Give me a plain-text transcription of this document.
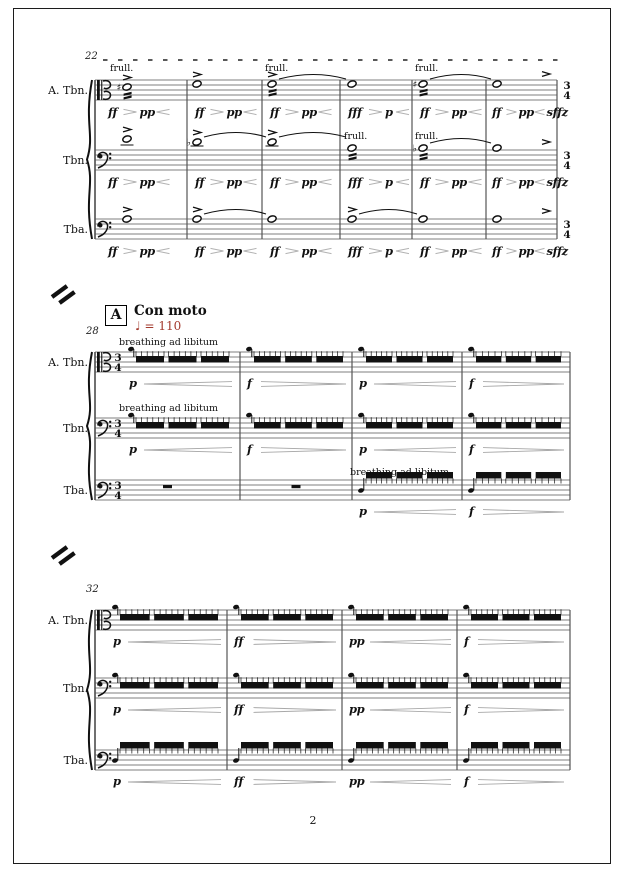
3
4
♯	♯
3
4
♭
♭
3
4
3
4
3
4
3
4
A Con moto
♩ = 110
2
22
A. Tbn.
frull.	frull.	frull.
Tbn.
frull.	frull.
Tba.
ff pp	ff pp ff pp	fff p ff pp ff pp sffz
ff pp	ff pp ff pp	fff p ff pp ff pp sffz
ff pp	ff pp ff pp	fff p ff pp ff pp sffz
28
A. Tbn.
breathing ad libitum
p	f	p	f
Tbn.
breathing ad libitum
p	f	p	f
Tba.
breathing ad libitum
p	f
32
A. Tbn.
p	ff	pp	f
Tbn.
p	ff	pp	f
Tba.
p	ff	pp	f
